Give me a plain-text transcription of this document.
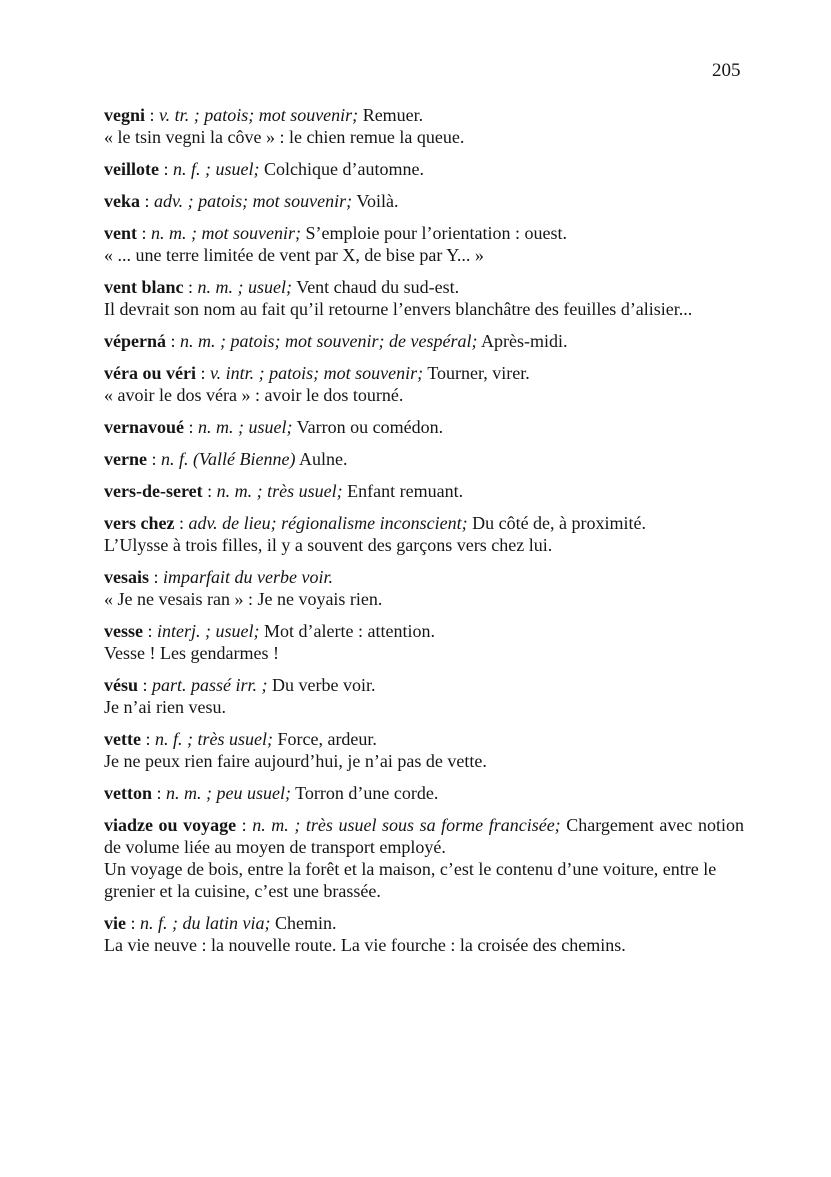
205

vegni : v. tr. ; patois; mot souvenir; Remuer.

« le tsin vegni la côve » : le chien remue la queue.

veillote : n. f. ; usuel; Colchique d’automne.

veka : adv. ; patois; mot souvenir; Voilà.

vent : n. m. ; mot souvenir; S’emploie pour l’orientation : ouest.

« ... une terre limitée de vent par X, de bise par Y... »

vent blanc : n. m. ; usuel; Vent chaud du sud-est.

Il devrait son nom au fait qu’il retourne l’envers blanchâtre des feuilles d’alisier...

véperná : n. m. ; patois; mot souvenir; de vespéral; Après-midi.

véra ou véri : v. intr. ; patois; mot souvenir; Tourner, virer.

« avoir le dos véra » : avoir le dos tourné.

vernavoué : n. m. ; usuel; Varron ou comédon.

verne : n. f. (Vallé Bienne) Aulne.

vers-de-seret : n. m. ; très usuel; Enfant remuant.

vers chez : adv. de lieu; régionalisme inconscient; Du côté de, à proximité.

L’Ulysse à trois filles, il y a souvent des garçons vers chez lui.

vesais : imparfait du verbe voir.

« Je ne vesais ran » : Je ne voyais rien.

vesse : interj. ; usuel; Mot d’alerte : attention.

Vesse ! Les gendarmes !

vésu : part. passé irr. ; Du verbe voir.

Je n’ai rien vesu.

vette : n. f. ; très usuel; Force, ardeur.

Je ne peux rien faire aujourd’hui, je n’ai pas de vette.

vetton : n. m. ; peu usuel; Torron d’une corde.

viadze ou voyage : n. m. ; très usuel sous sa forme francisée; Chargement avec notion de volume liée au moyen de transport employé.

Un voyage de bois, entre la forêt et la maison, c’est le contenu d’une voiture, entre le grenier et la cuisine, c’est une brassée.

vie : n. f. ; du latin via; Chemin.

La vie neuve : la nouvelle route. La vie fourche : la croisée des chemins.
